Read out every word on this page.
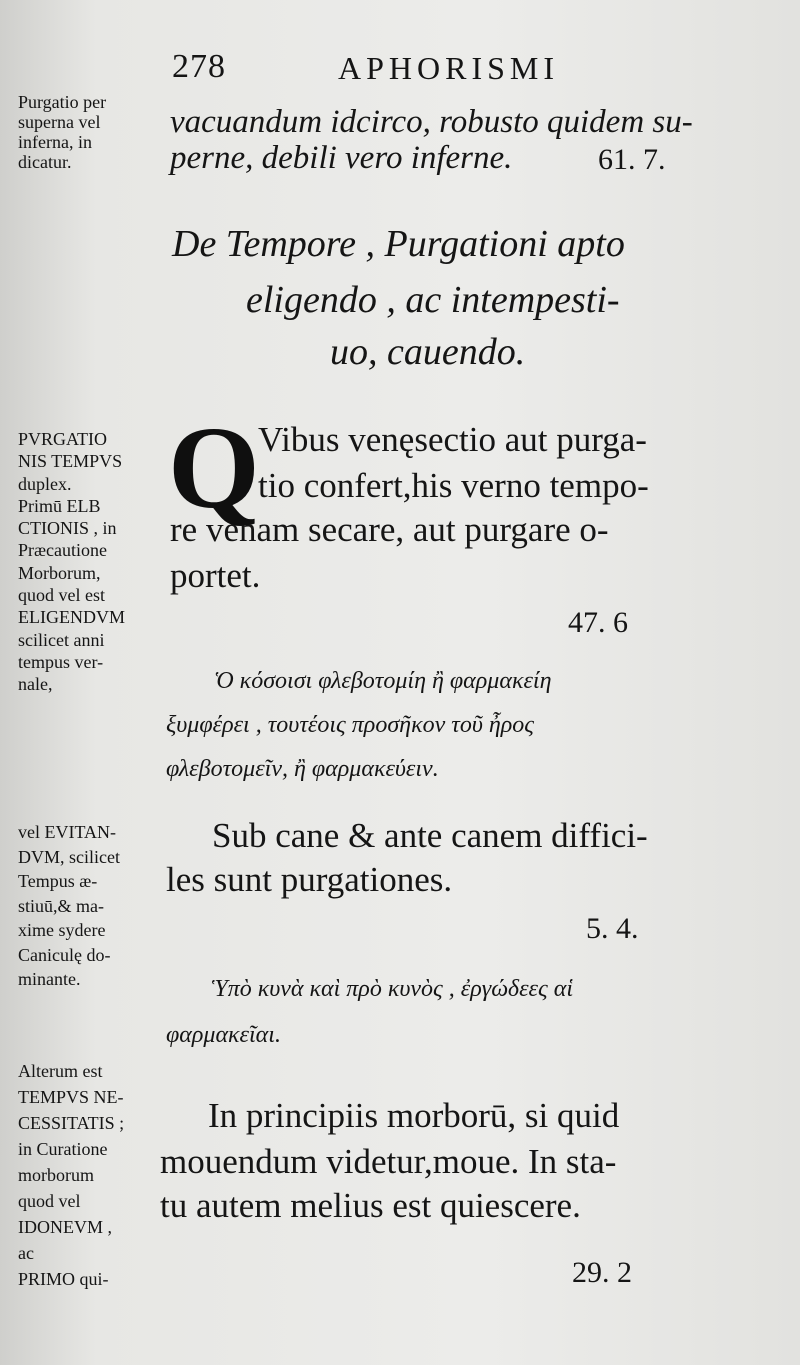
278	APHORISMI
Purgatio per
superna vel
inferna, in
dicatur.
PVRGATIO
NIS TEMPVS
duplex.
Primū ELB
CTIONIS , in
Præcautione
Morborum,
quod vel est
ELIGENDVM
scilicet anni
tempus ver-
nale,
vel EVITAN-
DVM, scilicet
Tempus æ-
stiuū,& ma-
xime sydere
Caniculę do-
minante.
Alterum est
TEMPVS NE-
CESSITATIS ;
in Curatione
morborum
quod vel
IDONEVM ,
ac
PRIMO qui-
vacuandum idcirco, robusto quidem su-
perne, debili vero inferne.	61. 7.
De Tempore , Purgationi apto
eligendo , ac intempesti-
uo, cauendo.
Q
Vibus venęsectio aut purga-
tio confert,his verno tempo-
re venam secare, aut purgare o-
portet.
47. 6
Ὁ κόσοισι φλεβοτομίη ἢ φαρμακείη
ξυμφέρει , τουτέοις προσῆκον τοῦ ἦρος
φλεβοτομεῖν, ἢ φαρμακεύειν.
Sub cane & ante canem diffici-
les sunt purgationes.
5. 4.
Ὑπὸ κυνὰ καὶ πρὸ κυνὸς , ἐργώδεες αἱ
φαρμακεῖαι.
In principiis morborū, si quid
mouendum videtur,moue. In sta-
tu autem melius est quiescere.
29. 2
